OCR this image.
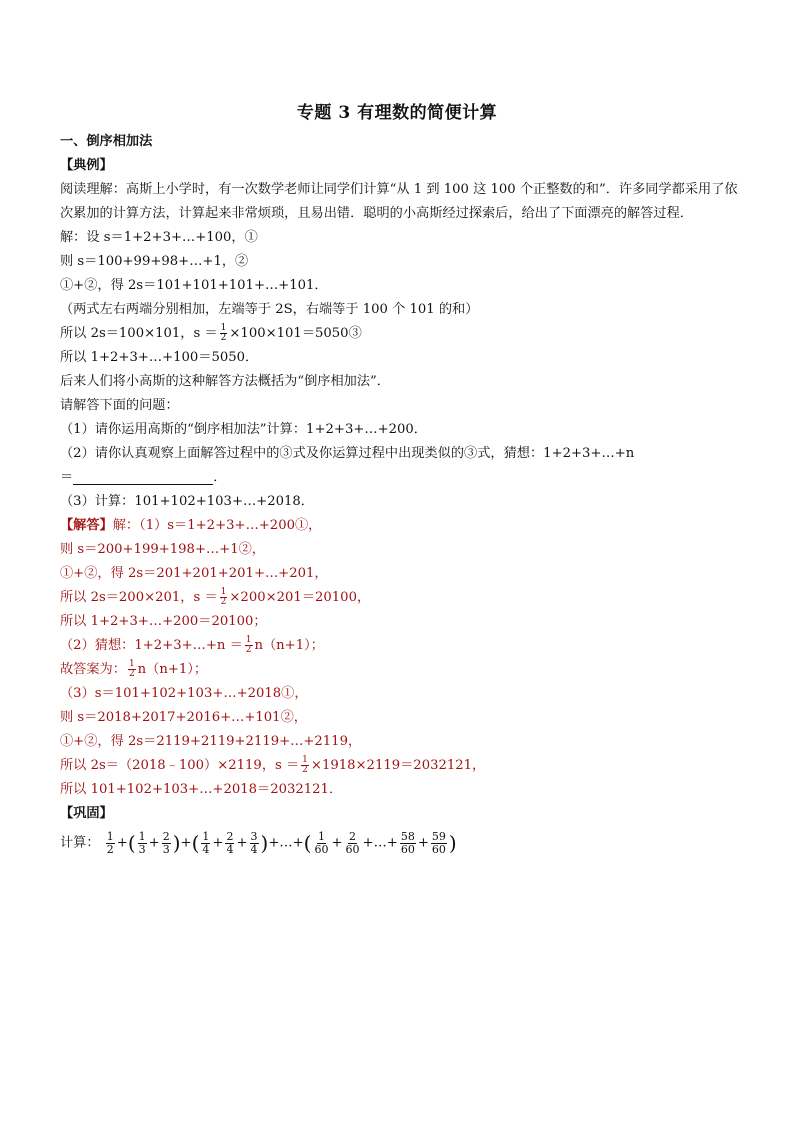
专题 3 有理数的简便计算
一、倒序相加法
【典例】
阅读理解：高斯上小学时，有一次数学老师让同学们计算“从 1 到 100 这 100 个正整数的和”．许多同学都采用了依次累加的计算方法，计算起来非常烦琐，且易出错．聪明的小高斯经过探索后，给出了下面漂亮的解答过程．
解：设 s＝1+2+3+…+100，①
则 s＝100+99+98+…+1，②
①+②，得 2s＝101+101+101+…+101．
（两式左右两端分别相加，左端等于 2S，右端等于 100 个 101 的和）
所以 2s＝100×101，$s = \frac{1}{2}$ ×100×101＝5050③
所以 1+2+3+…+100＝5050．
后来人们将小高斯的这种解答方法概括为“倒序相加法”．
请解答下面的问题：
（1）请你运用高斯的“倒序相加法”计算：1+2+3+…+200．
（2）请你认真观察上面解答过程中的③式及你运算过程中出现类似的③式，猜想：1+2+3+…+n
＝	．
（3）计算：101+102+103+…+2018．
【解答】解：（1）s＝1+2+3+…+200①，
则 s＝200+199+198+…+1②，
①+②，得 2s＝201+201+201+…+201，
所以 2s＝200×201，$s = \frac{1}{2} \times 200\times 201=20100$，
所以 1+2+3+…+200＝20100；
（2）猜想：1+2+3+…+n ＝ $\frac{1}{2} n(n+1)$；
故答案为： $\frac{1}{2} n(n+1)$；
（3）s＝101+102+103+…+2018①，
则 s＝2018+2017+2016+…+101②，
①+②，得 2s＝2119+2119+2119+…+2119，
所以 2s＝（2018﹣100）×2119，$s = \frac{1}{2} \times 1918\times 2119=2032121$，
所以 101+102+103+…+2018＝2032121．
【巩固】
计算： $\frac{1}{2}$ +( $\frac{1}{3} + \frac{2}{3}$ )+( $\frac{1}{4} + \frac{2}{4} + \frac{3}{4}$ )+…+( $\frac{1}{60} + \frac{2}{60}$ +…+ $\frac{58}{60} + \frac{59}{60}$ )
